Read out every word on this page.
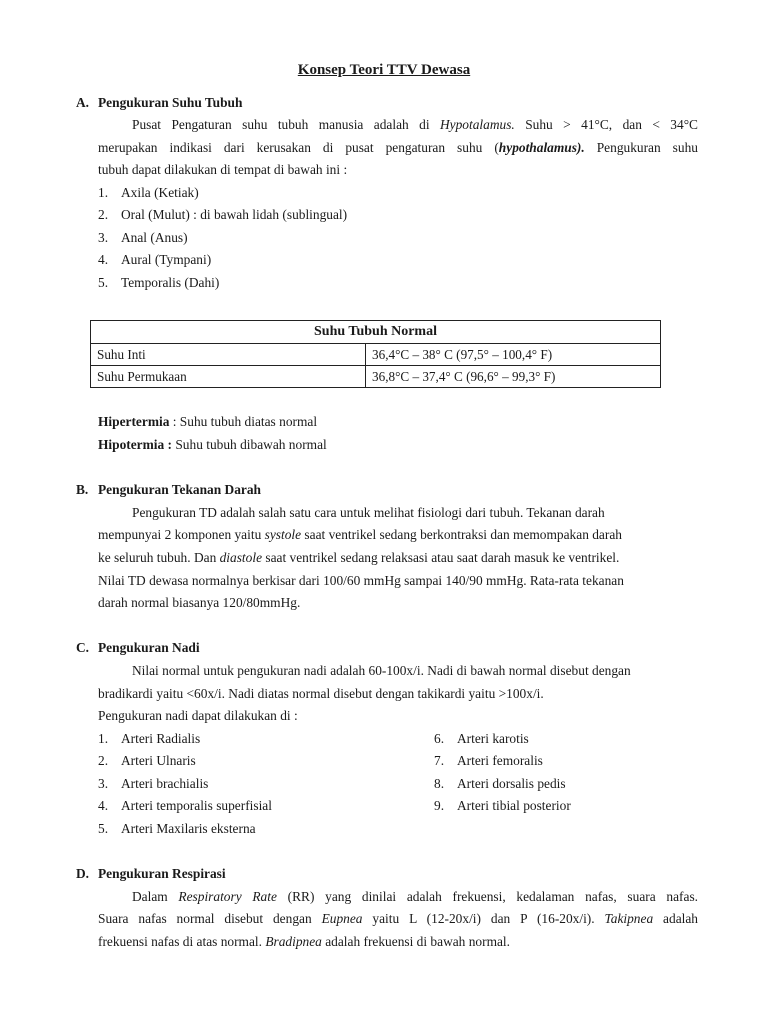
Konsep Teori TTV Dewasa
A. Pengukuran Suhu Tubuh
Pusat Pengaturan suhu tubuh manusia adalah di Hypotalamus. Suhu > 41°C, dan < 34°C
merupakan indikasi dari kerusakan di pusat pengaturan suhu (hypothalamus). Pengukuran suhu
tubuh dapat dilakukan di tempat di bawah ini :
1. Axila (Ketiak)
2. Oral (Mulut) : di bawah lidah (sublingual)
3. Anal (Anus)
4. Aural (Tympani)
5. Temporalis (Dahi)
Suhu Tubuh Normal	
Suhu Inti	36,4°C – 38° C (97,5° – 100,4° F)
Suhu Permukaan	36,8°C – 37,4° C (96,6° – 99,3° F)
Hipertermia : Suhu tubuh diatas normal
Hipotermia : Suhu tubuh dibawah normal
B. Pengukuran Tekanan Darah
Pengukuran TD adalah salah satu cara untuk melihat fisiologi dari tubuh. Tekanan darah
mempunyai 2 komponen yaitu systole saat ventrikel sedang berkontraksi dan memompakan darah
ke seluruh tubuh. Dan diastole saat ventrikel sedang relaksasi atau saat darah masuk ke ventrikel.
Nilai TD dewasa normalnya berkisar dari 100/60 mmHg sampai 140/90 mmHg. Rata-rata tekanan
darah normal biasanya 120/80mmHg.
C. Pengukuran Nadi
Nilai normal untuk pengukuran nadi adalah 60-100x/i. Nadi di bawah normal disebut dengan
bradikardi yaitu <60x/i. Nadi diatas normal disebut dengan takikardi yaitu >100x/i.
Pengukuran nadi dapat dilakukan di :
1. Arteri Radialis
2. Arteri Ulnaris
3. Arteri brachialis
4. Arteri temporalis superfisial
5. Arteri Maxilaris eksterna
6. Arteri karotis
7. Arteri femoralis
8. Arteri dorsalis pedis
9. Arteri tibial posterior
D. Pengukuran Respirasi
Dalam Respiratory Rate (RR) yang dinilai adalah frekuensi, kedalaman nafas, suara nafas.
Suara nafas normal disebut dengan Eupnea yaitu L (12-20x/i) dan P (16-20x/i). Takipnea adalah
frekuensi nafas di atas normal. Bradipnea adalah frekuensi di bawah normal.
